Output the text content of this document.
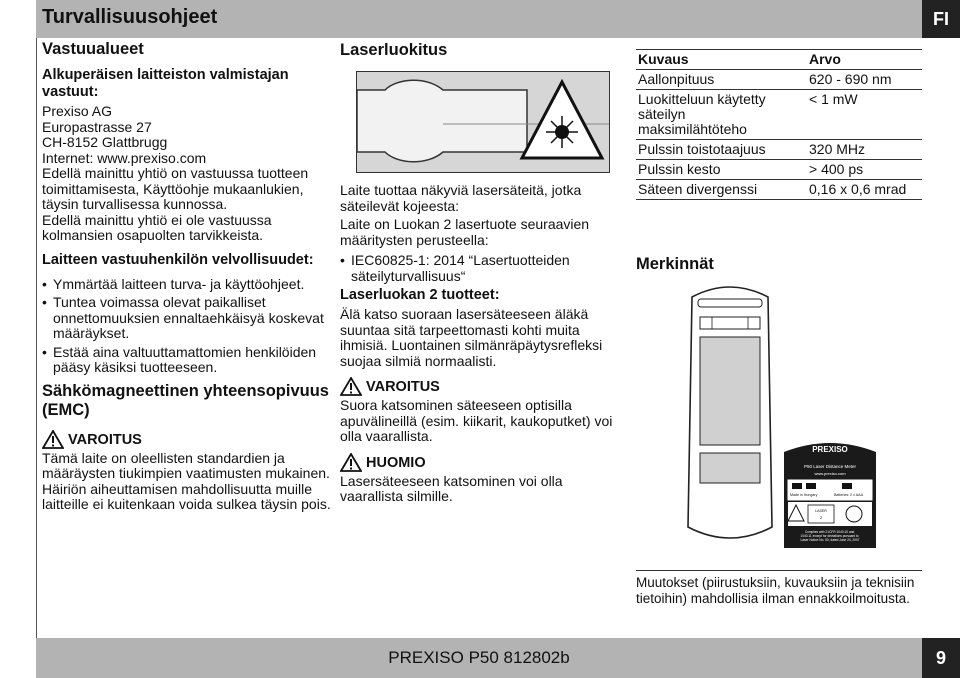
Turvallisuusohjeet	FI
Vastuualueet
Alkuperäisen laitteiston valmistajan vastuut:

Prexiso AG

Europastrasse 27

CH-8152 Glattbrugg

Internet: www.prexiso.com

Edellä mainittu yhtiö on vastuussa tuotteen toimittamisesta, Käyttöohje mukaanlukien, täysin turvallisessa kunnossa.

Edellä mainittu yhtiö ei ole vastuussa kolmansien osapuolten tarvikkeista.

Laitteen vastuuhenkilön velvollisuudet:
• Ymmärtää laitteen turva- ja käyttöohjeet.
• Tuntea voimassa olevat paikalliset onnettomuuksien ennaltaehkäisyä koskevat määräykset.
• Estää aina valtuuttamattomien henkilöiden pääsy käsiksi tuotteeseen.
Sähkömagneettinen yhteensopivuus (EMC)
VAROITUS

Tämä laite on oleellisten standardien ja määräysten tiukimpien vaatimusten mukainen.

Häiriön aiheuttamisen mahdollisuutta muille laitteille ei kuitenkaan voida sulkea täysin pois.

Laserluokitus

Laite tuottaa näkyviä lasersäteitä, jotka säteilevät kojeesta:

Laite on Luokan 2 lasertuote seuraavien määritysten perusteella:

• IEC60825-1: 2014 “Lasertuotteiden säteilyturvallisuus“
Laserluokan 2 tuotteet:

Älä katso suoraan lasersäteeseen äläkä suuntaa sitä tarpeettomasti kohti muita ihmisiä. Luontainen silmänräpäytysrefleksi suojaa silmiä normaalisti.

VAROITUS

Suora katsominen säteeseen optisilla apuvälineillä (esim. kiikarit, kaukoputket) voi olla vaarallista.

HUOMIO

Lasersäteeseen katsominen voi olla vaarallista silmille.

Kuvaus	Arvo
Aallonpituus	620 - 690 nm
Luokitteluun käytetty säteilyn maksimilähtöteho	< 1 mW
Pulssin toistotaajuus	320 MHz
Pulssin kesto	> 400 ps
Säteen divergenssi	0,16 x 0,6 mrad
Merkinnät
PREXISO
P50 Laser Distance Meter
www.prexiso.com
Made in Hungary	Batteries: 2 x AAA
LASER
2
Complies with 21CFR 1040.10 and 1040.11 except for deviations pursuant to Laser Notice No. 50, dated June 24, 2007
Muutokset (piirustuksiin, kuvauksiin ja teknisiin tietoihin) mahdollisia ilman ennakkoilmoitusta.
PREXISO P50 812802b	9
